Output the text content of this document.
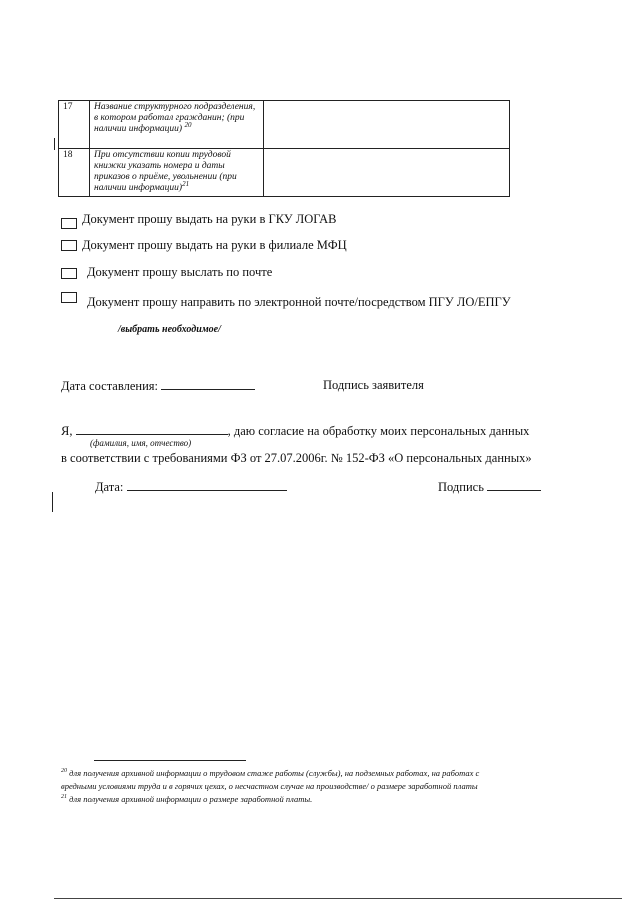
17	Название структурного подразделения, в котором работал гражданин; (при наличии информации) $^{20}$	
18	При отсутствии копии трудовой книжки указать номера и даты приказов о приёме, увольнении (при наличии информации)$^{21}$	
Документ прошу выдать на руки в ГКУ ЛОГАВ
Документ прошу выдать на руки в филиале МФЦ
Документ прошу выслать по почте
Документ прошу направить по электронной почте/посредством ПГУ ЛО/ЕПГУ
/выбрать необходимое/
Дата составления:	Подпись заявителя
Я,	, даю согласие на обработку моих персональных данных
(фамилия, имя, отчество)
в соответствии с требованиями ФЗ от 27.07.2006г. № 152-ФЗ «О персональных данных»
Дата:	Подпись
$^{20}$ для получения архивной информации о трудовом стаже работы (службы), на подземных работах, на работах с
вредными условиями труда и в горячих цехах, о несчастном случае на производстве/ о размере заработной платы
$^{21}$ для получения архивной информации о размере заработной платы.
